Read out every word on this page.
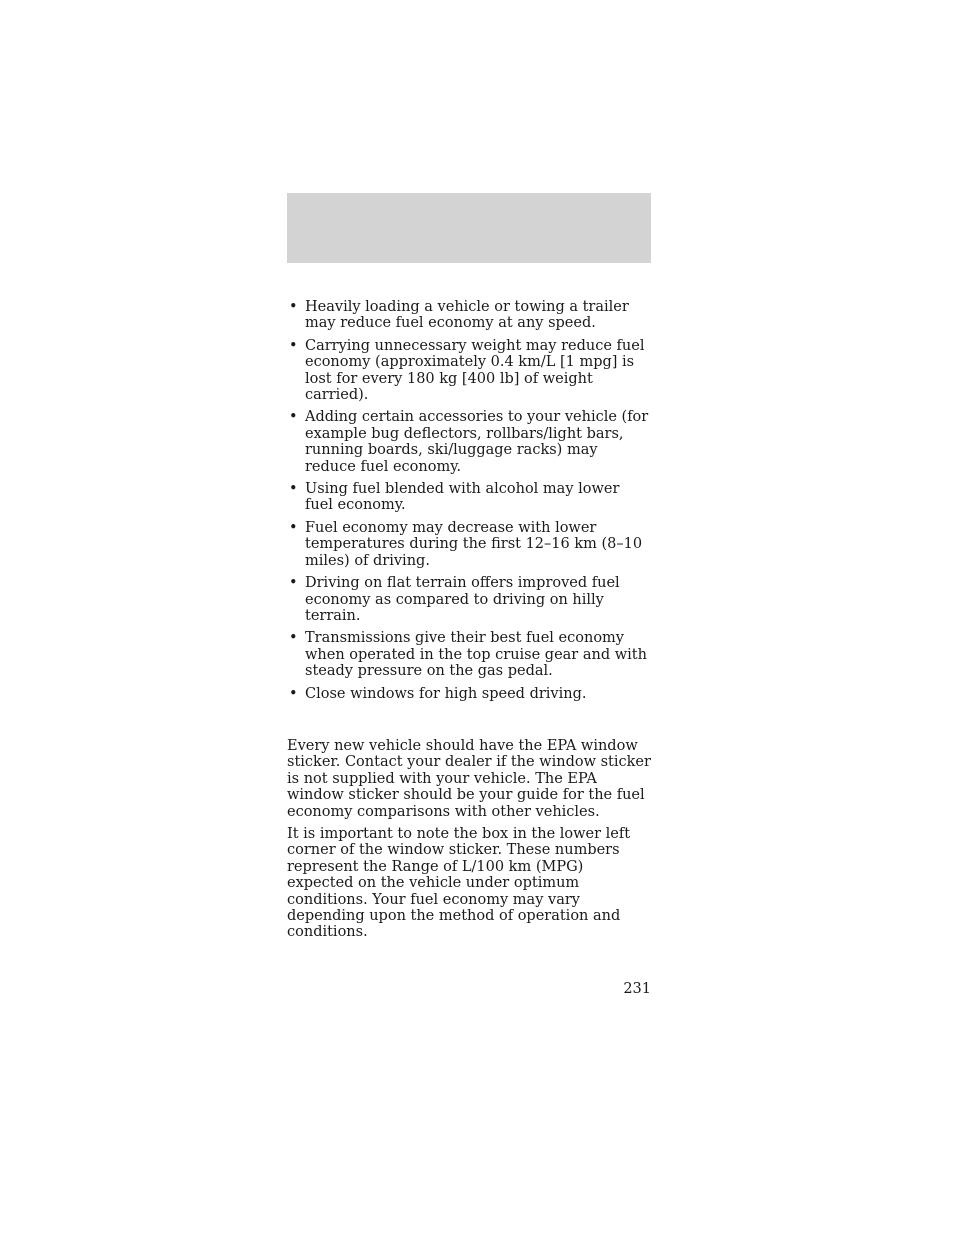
• Heavily loading a vehicle or towing a trailer may reduce fuel economy at any speed.
• Carrying unnecessary weight may reduce fuel economy (approximately 0.4 km/L [1 mpg] is lost for every 180 kg [400 lb] of weight carried).
• Adding certain accessories to your vehicle (for example bug deflectors, rollbars/light bars, running boards, ski/luggage racks) may reduce fuel economy.
• Using fuel blended with alcohol may lower fuel economy.
• Fuel economy may decrease with lower temperatures during the first 12–16 km (8–10 miles) of driving.
• Driving on flat terrain offers improved fuel economy as compared to driving on hilly terrain.
• Transmissions give their best fuel economy when operated in the top cruise gear and with steady pressure on the gas pedal.
• Close windows for high speed driving.

Every new vehicle should have the EPA window sticker. Contact your dealer if the window sticker is not supplied with your vehicle. The EPA window sticker should be your guide for the fuel economy comparisons with other vehicles.

It is important to note the box in the lower left corner of the window sticker. These numbers represent the Range of L/100 km (MPG) expected on the vehicle under optimum conditions. Your fuel economy may vary depending upon the method of operation and conditions.

231
